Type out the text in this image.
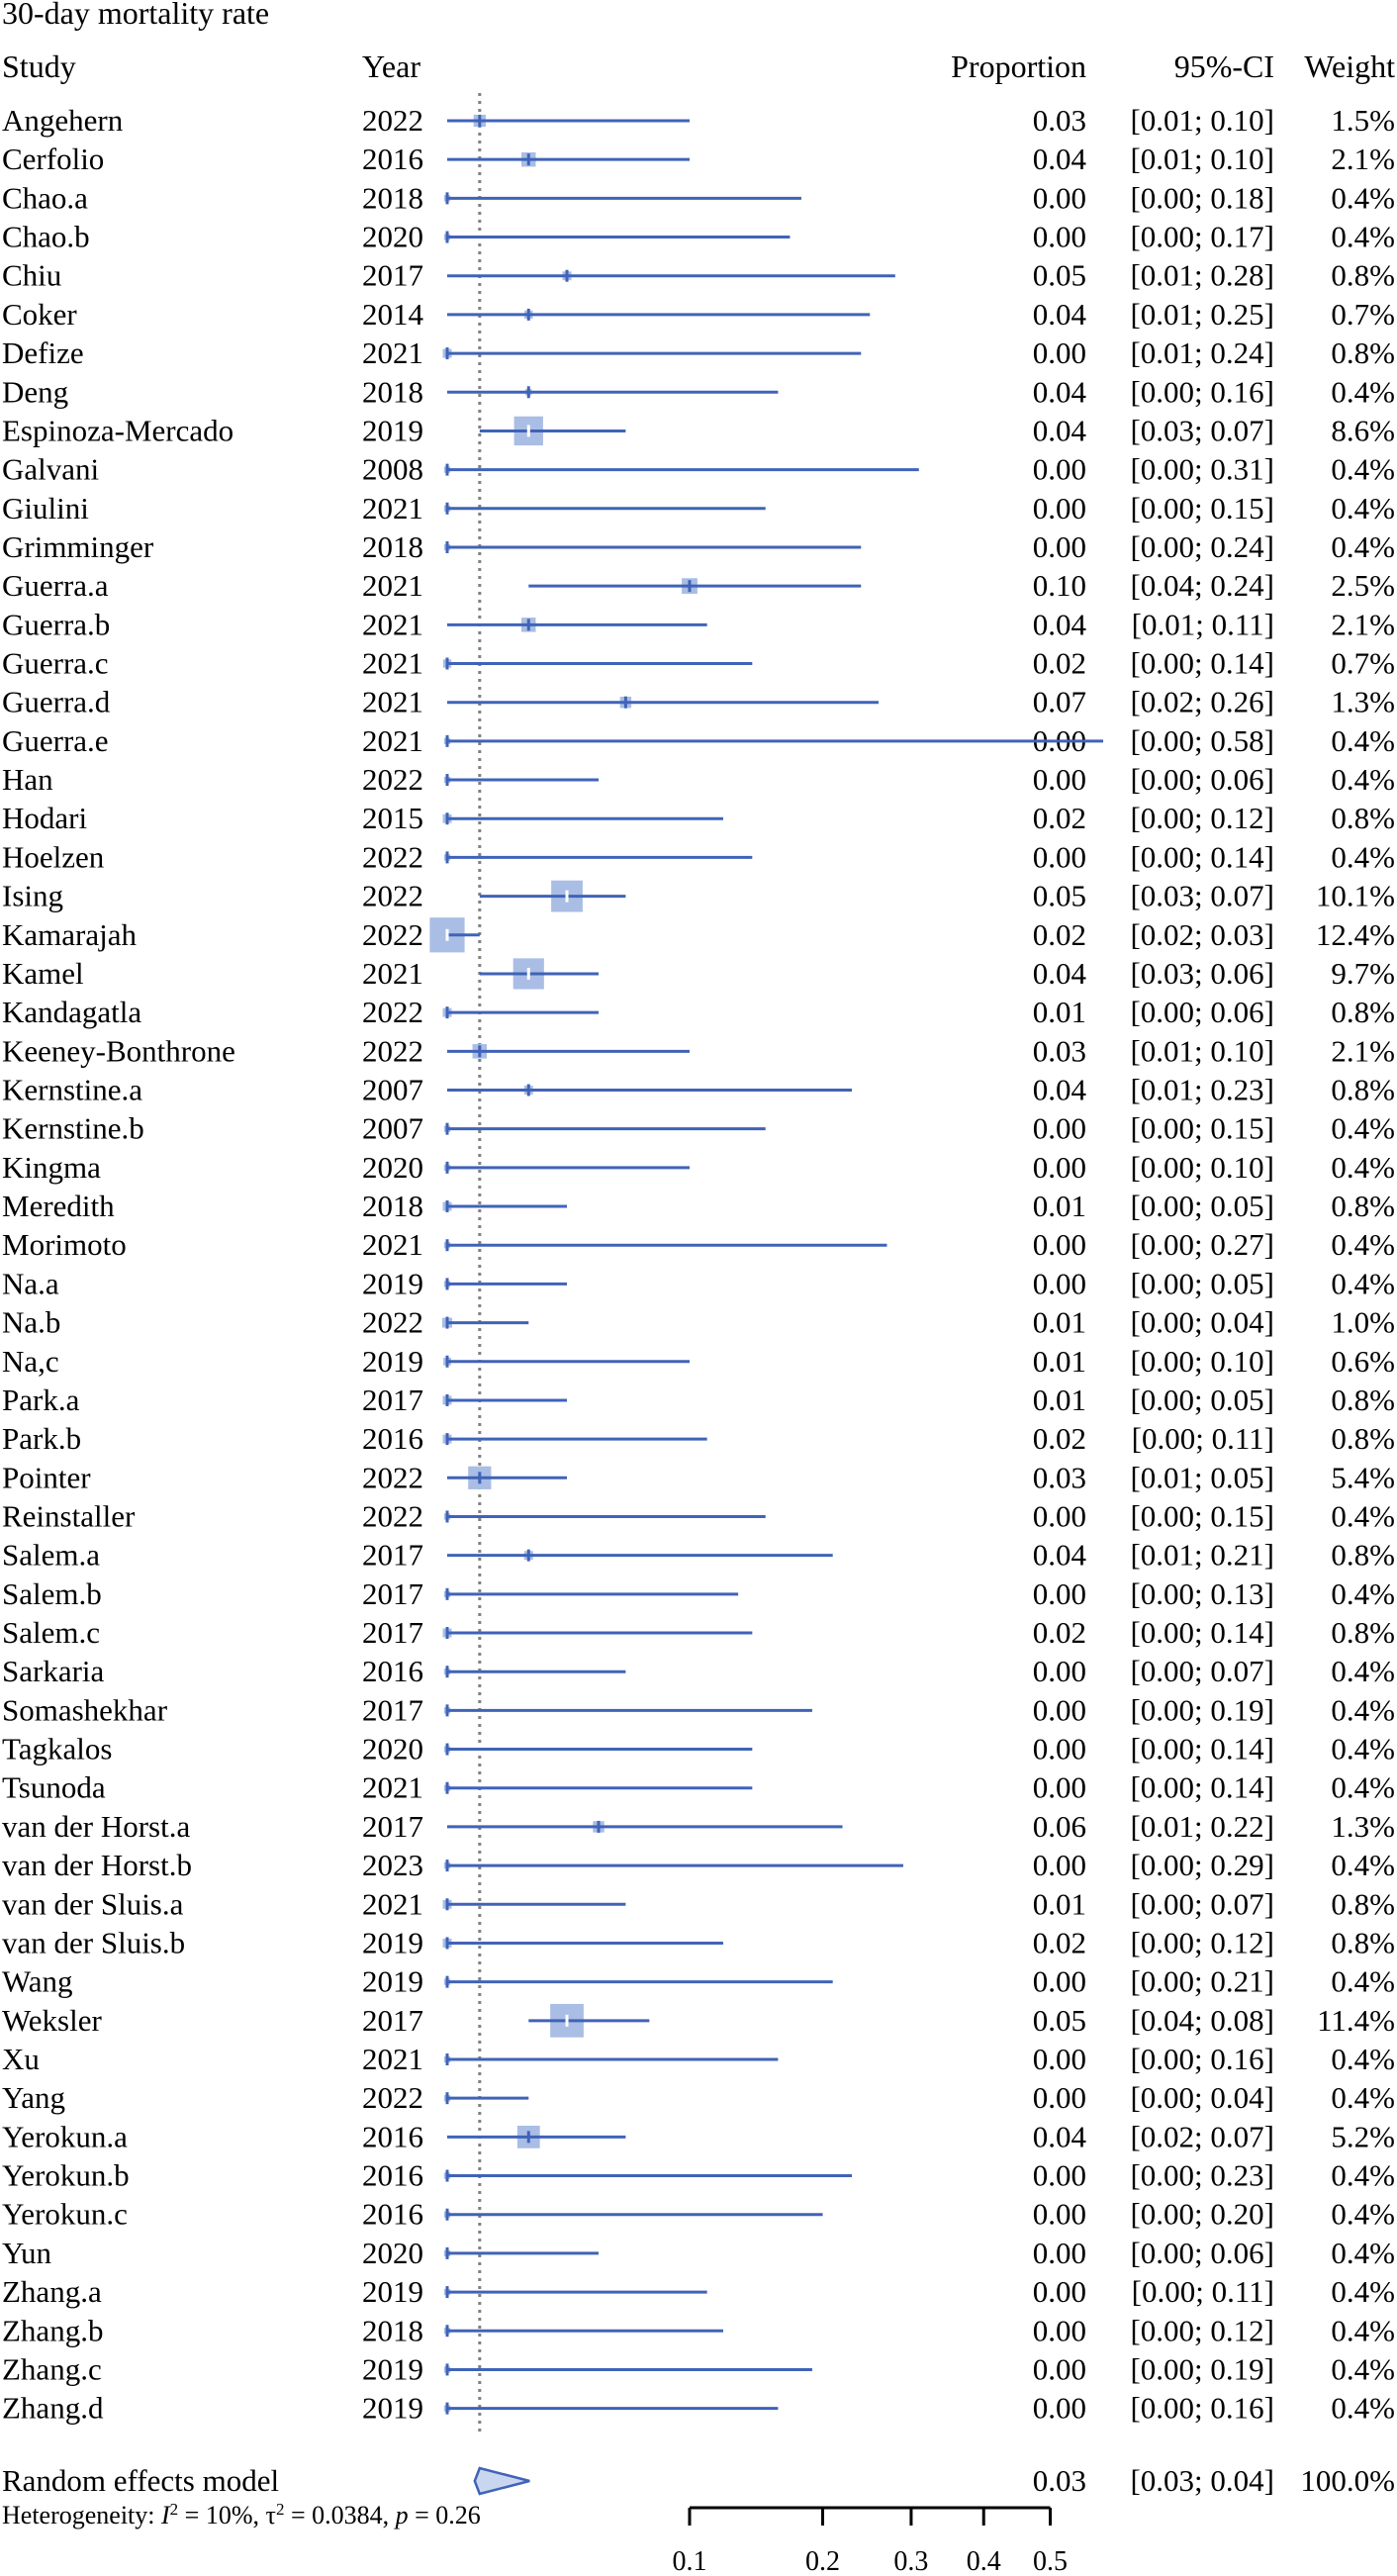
30-day mortality rate
Study	Year	Proportion	95%-CI Weight
Angehern	2022	0.03 [0.01; 0.10] 1.5%
Cerfolio	2016	0.04 [0.01; 0.10] 2.1%
Chao.a	2018	0.00 [0.00; 0.18] 0.4%
Chao.b	2020	0.00 [0.00; 0.17] 0.4%
Chiu	2017	0.05 [0.01; 0.28] 0.8%
Coker	2014	0.04 [0.01; 0.25] 0.7%
Defize	2021	0.00 [0.01; 0.24] 0.8%
Deng	2018	0.04 [0.00; 0.16] 0.4%
Espinoza-Mercado	2019	0.04 [0.03; 0.07] 8.6%
Galvani	2008	0.00 [0.00; 0.31] 0.4%
Giulini	2021	0.00 [0.00; 0.15] 0.4%
Grimminger	2018	0.00 [0.00; 0.24] 0.4%
Guerra.a	2021	0.10 [0.04; 0.24] 2.5%
Guerra.b	2021	0.04 [0.01; 0.11] 2.1%
Guerra.c	2021	0.02 [0.00; 0.14] 0.7%
Guerra.d	2021	0.07 [0.02; 0.26] 1.3%
Guerra.e	2021	0.00 [0.00; 0.58] 0.4%
Han	2022	0.00 [0.00; 0.06] 0.4%
Hodari	2015	0.02 [0.00; 0.12] 0.8%
Hoelzen	2022	0.00 [0.00; 0.14] 0.4%
Ising	2022	0.05 [0.03; 0.07] 10.1%
Kamarajah	2022	0.02 [0.02; 0.03] 12.4%
Kamel	2021	0.04 [0.03; 0.06] 9.7%
Kandagatla	2022	0.01 [0.00; 0.06] 0.8%
Keeney-Bonthrone	2022	0.03 [0.01; 0.10] 2.1%
Kernstine.a	2007	0.04 [0.01; 0.23] 0.8%
Kernstine.b	2007	0.00 [0.00; 0.15] 0.4%
Kingma	2020	0.00 [0.00; 0.10] 0.4%
Meredith	2018	0.01 [0.00; 0.05] 0.8%
Morimoto	2021	0.00 [0.00; 0.27] 0.4%
Na.a	2019	0.00 [0.00; 0.05] 0.4%
Na.b	2022	0.01 [0.00; 0.04] 1.0%
Na,c	2019	0.01 [0.00; 0.10] 0.6%
Park.a	2017	0.01 [0.00; 0.05] 0.8%
Park.b	2016	0.02 [0.00; 0.11] 0.8%
Pointer	2022	0.03 [0.01; 0.05] 5.4%
Reinstaller	2022	0.00 [0.00; 0.15] 0.4%
Salem.a	2017	0.04 [0.01; 0.21] 0.8%
Salem.b	2017	0.00 [0.00; 0.13] 0.4%
Salem.c	2017	0.02 [0.00; 0.14] 0.8%
Sarkaria	2016	0.00 [0.00; 0.07] 0.4%
Somashekhar	2017	0.00 [0.00; 0.19] 0.4%
Tagkalos	2020	0.00 [0.00; 0.14] 0.4%
Tsunoda	2021	0.00 [0.00; 0.14] 0.4%
van der Horst.a	2017	0.06 [0.01; 0.22] 1.3%
van der Horst.b	2023	0.00 [0.00; 0.29] 0.4%
van der Sluis.a	2021	0.01 [0.00; 0.07] 0.8%
van der Sluis.b	2019	0.02 [0.00; 0.12] 0.8%
Wang	2019	0.00 [0.00; 0.21] 0.4%
Weksler	2017	0.05 [0.04; 0.08] 11.4%
Xu	2021	0.00 [0.00; 0.16] 0.4%
Yang	2022	0.00 [0.00; 0.04] 0.4%
Yerokun.a	2016	0.04 [0.02; 0.07] 5.2%
Yerokun.b	2016	0.00 [0.00; 0.23] 0.4%
Yerokun.c	2016	0.00 [0.00; 0.20] 0.4%
Yun	2020	0.00 [0.00; 0.06] 0.4%
Zhang.a	2019	0.00 [0.00; 0.11] 0.4%
Zhang.b	2018	0.00 [0.00; 0.12] 0.4%
Zhang.c	2019	0.00 [0.00; 0.19] 0.4%
Zhang.d	2019	0.00 [0.00; 0.16] 0.4%
Random effects model	0.03 [0.03; 0.04] 100.0%
Heterogeneity: $I^2 = 10\%$, $\tau^2 = 0.0384$, p = 0.26
0.1	0.2 0.3 0.4 0.5
